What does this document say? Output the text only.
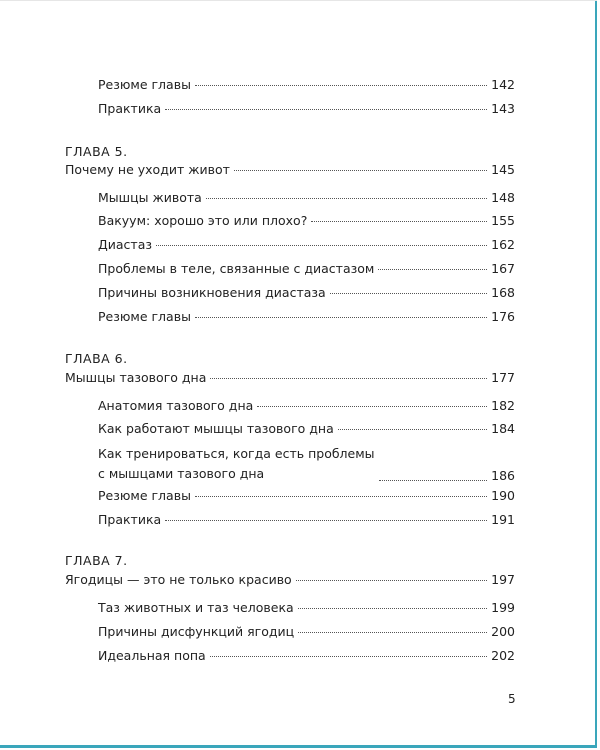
Резюме главы	142
Практика	143
ГЛАВА 5.
Почему не уходит живот	145
Мышцы живота	148
Вакуум: хорошо это или плохо?	155
Диастаз	162
Проблемы в теле, связанные с диастазом	167
Причины возникновения диастаза	168
Резюме главы	176
ГЛАВА 6.
Мышцы тазового дна	177
Анатомия тазового дна	182
Как работают мышцы тазового дна	184
Как тренироваться, когда есть проблемы
с мышцами тазового дна	186
Резюме главы	190
Практика	191
ГЛАВА 7.
Ягодицы — это не только красиво	197
Таз животных и таз человека	199
Причины дисфункций ягодиц	200
Идеальная попа	202
5
